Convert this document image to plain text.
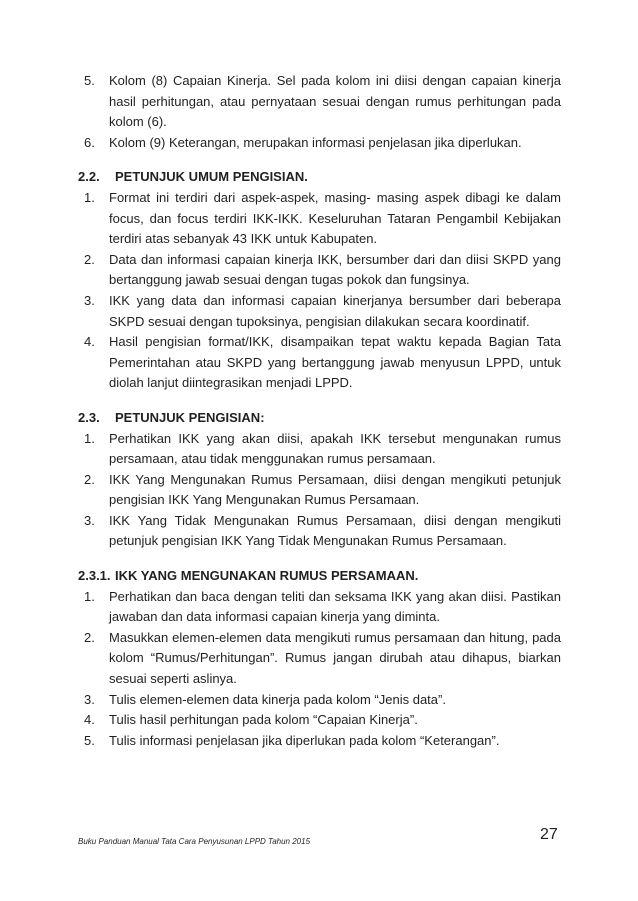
5. Kolom (8) Capaian Kinerja. Sel pada kolom ini diisi dengan capaian kinerja hasil perhitungan, atau pernyataan sesuai dengan rumus perhitungan pada kolom (6).
6. Kolom (9) Keterangan, merupakan informasi penjelasan jika diperlukan.
2.2. PETUNJUK UMUM PENGISIAN.
1. Format ini terdiri dari aspek-aspek, masing- masing aspek dibagi ke dalam focus, dan focus terdiri IKK-IKK. Keseluruhan Tataran Pengambil Kebijakan terdiri atas sebanyak 43 IKK untuk Kabupaten.
2. Data dan informasi capaian kinerja IKK, bersumber dari dan diisi SKPD yang bertanggung jawab sesuai dengan tugas pokok dan fungsinya.
3. IKK yang data dan informasi capaian kinerjanya bersumber dari beberapa SKPD sesuai dengan tupoksinya, pengisian dilakukan secara koordinatif.
4. Hasil pengisian format/IKK, disampaikan tepat waktu kepada Bagian Tata Pemerintahan atau SKPD yang bertanggung jawab menyusun LPPD, untuk diolah lanjut diintegrasikan menjadi LPPD.
2.3. PETUNJUK PENGISIAN:
1. Perhatikan IKK yang akan diisi, apakah IKK tersebut mengunakan rumus persamaan, atau tidak menggunakan rumus persamaan.
2. IKK Yang Mengunakan Rumus Persamaan, diisi dengan mengikuti petunjuk pengisian IKK Yang Mengunakan Rumus Persamaan.
3. IKK Yang Tidak Mengunakan Rumus Persamaan, diisi dengan mengikuti petunjuk pengisian IKK Yang Tidak Mengunakan Rumus Persamaan.
2.3.1. IKK YANG MENGUNAKAN RUMUS PERSAMAAN.
1. Perhatikan dan baca dengan teliti dan seksama IKK yang akan diisi. Pastikan jawaban dan data informasi capaian kinerja yang diminta.
2. Masukkan elemen-elemen data mengikuti rumus persamaan dan hitung, pada kolom “Rumus/Perhitungan”. Rumus jangan dirubah atau dihapus, biarkan sesuai seperti aslinya.
3. Tulis elemen-elemen data kinerja pada kolom “Jenis data”.
4. Tulis hasil perhitungan pada kolom “Capaian Kinerja”.
5. Tulis informasi penjelasan jika diperlukan pada kolom “Keterangan”.
Buku Panduan Manual Tata Cara Penyusunan LPPD Tahun 2015	27
